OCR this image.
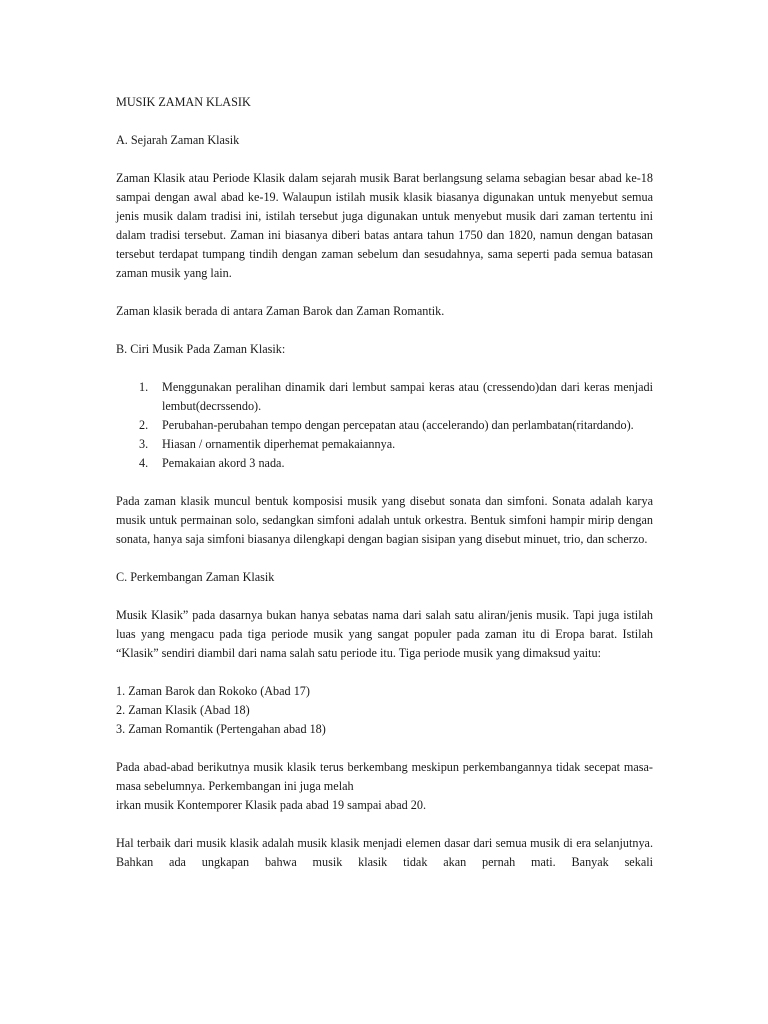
MUSIK ZAMAN KLASIK

A. Sejarah Zaman Klasik

Zaman Klasik atau Periode Klasik dalam sejarah musik Barat berlangsung selama sebagian besar abad ke-18 sampai dengan awal abad ke-19. Walaupun istilah musik klasik biasanya digunakan untuk menyebut semua jenis musik dalam tradisi ini, istilah tersebut juga digunakan untuk menyebut musik dari zaman tertentu ini dalam tradisi tersebut. Zaman ini biasanya diberi batas antara tahun 1750 dan 1820, namun dengan batasan tersebut terdapat tumpang tindih dengan zaman sebelum dan sesudahnya, sama seperti pada semua batasan zaman musik yang lain.

Zaman klasik berada di antara Zaman Barok dan Zaman Romantik.

B. Ciri Musik Pada Zaman Klasik:

1. Menggunakan peralihan dinamik dari lembut sampai keras atau (cressendo)dan dari keras menjadi lembut(decrssendo).
2. Perubahan-perubahan tempo dengan percepatan atau (accelerando) dan perlambatan(ritardando).
3. Hiasan / ornamentik diperhemat pemakaiannya.
4. Pemakaian akord 3 nada.

Pada zaman klasik muncul bentuk komposisi musik yang disebut sonata dan simfoni. Sonata adalah karya musik untuk permainan solo, sedangkan simfoni adalah untuk orkestra. Bentuk simfoni hampir mirip dengan sonata, hanya saja simfoni biasanya dilengkapi dengan bagian sisipan yang disebut minuet, trio, dan scherzo.

C. Perkembangan Zaman Klasik

Musik Klasik” pada dasarnya bukan hanya sebatas nama dari salah satu aliran/jenis musik. Tapi juga istilah luas yang mengacu pada tiga periode musik yang sangat populer pada zaman itu di Eropa barat. Istilah “Klasik” sendiri diambil dari nama salah satu periode itu. Tiga periode musik yang dimaksud yaitu:

1. Zaman Barok dan Rokoko (Abad 17)
2. Zaman Klasik (Abad 18)
3. Zaman Romantik (Pertengahan abad 18)
Pada abad-abad berikutnya musik klasik terus berkembang meskipun perkembangannya tidak secepat masa-masa sebelumnya. Perkembangan ini juga melah
irkan musik Kontemporer Klasik pada abad 19 sampai abad 20.

Hal terbaik dari musik klasik adalah musik klasik menjadi elemen dasar dari semua musik di era selanjutnya. Bahkan ada ungkapan bahwa musik klasik tidak akan pernah mati. Banyak sekali
